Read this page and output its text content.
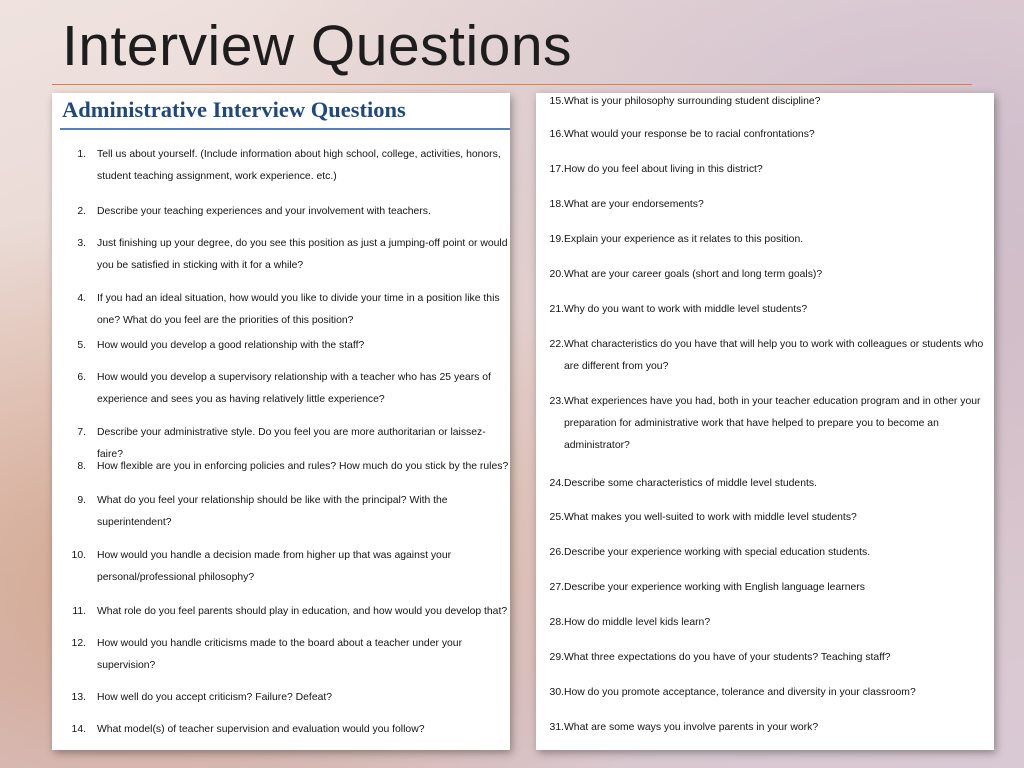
Interview Questions
Administrative Interview Questions
1. Tell us about yourself. (Include information about high school, college, activities, honors, student teaching assignment, work experience. etc.)
2. Describe your teaching experiences and your involvement with teachers.
3. Just finishing up your degree, do you see this position as just a jumping-off point or would you be satisfied in sticking with it for a while?
4. If you had an ideal situation, how would you like to divide your time in a position like this one? What do you feel are the priorities of this position?
5. How would you develop a good relationship with the staff?
6. How would you develop a supervisory relationship with a teacher who has 25 years of experience and sees you as having relatively little experience?
7. Describe your administrative style. Do you feel you are more authoritarian or laissez-faire?
8. How flexible are you in enforcing policies and rules? How much do you stick by the rules?
9. What do you feel your relationship should be like with the principal? With the superintendent?
10. How would you handle a decision made from higher up that was against your personal/professional philosophy?
11. What role do you feel parents should play in education, and how would you develop that?
12. How would you handle criticisms made to the board about a teacher under your supervision?
13. How well do you accept criticism? Failure? Defeat?
14. What model(s) of teacher supervision and evaluation would you follow?
15. What is your philosophy surrounding student discipline?
16. What would your response be to racial confrontations?
17. How do you feel about living in this district?
18. What are your endorsements?
19. Explain your experience as it relates to this position.
20. What are your career goals (short and long term goals)?
21. Why do you want to work with middle level students?
22. What characteristics do you have that will help you to work with colleagues or students who are different from you?
23. What experiences have you had, both in your teacher education program and in other your preparation for administrative work that have helped to prepare you to become an administrator?
24. Describe some characteristics of middle level students.
25. What makes you well-suited to work with middle level students?
26. Describe your experience working with special education students.
27. Describe your experience working with English language learners
28. How do middle level kids learn?
29. What three expectations do you have of your students? Teaching staff?
30. How do you promote acceptance, tolerance and diversity in your classroom?
31. What are some ways you involve parents in your work?
